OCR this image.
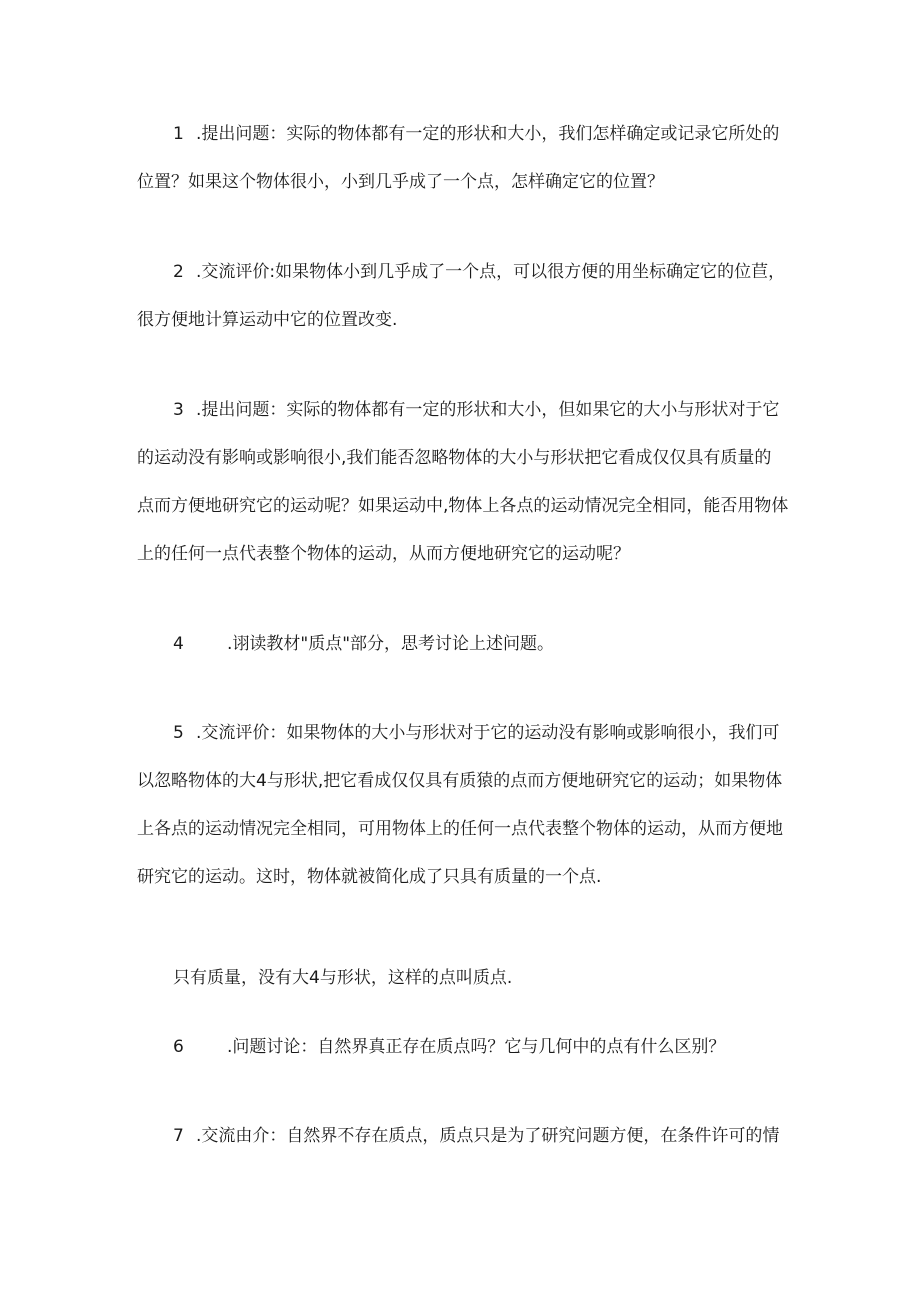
1 .提出问题：实际的物体都有一定的形状和大小，我们怎样确定或记录它所处的
位置？如果这个物体很小，小到几乎成了一个点，怎样确定它的位置？
2 .交流评价:如果物体小到几乎成了一个点，可以很方便的用坐标确定它的位苣，
很方便地计算运动中它的位置改变.
3 .提出问题：实际的物体都有一定的形状和大小，但如果它的大小与形状对于它
的运动没有影响或影响很小,我们能否忽略物体的大小与形状把它看成仅仅具有质量的
点而方便地研究它的运动呢？如果运动中,物体上各点的运动情况完全相同，能否用物体
上的任何一点代表整个物体的运动，从而方便地研究它的运动呢？
4	.诩读教材"质点"部分，思考讨论上述问题。
5 .交流评价：如果物体的大小与形状对于它的运动没有影响或影响很小，我们可
以忽略物体的大4与形状,把它看成仅仅具有质猿的点而方便地研究它的运动；如果物体
上各点的运动情况完全相同，可用物体上的任何一点代表整个物体的运动，从而方便地
研究它的运动。这时，物体就被简化成了只具有质量的一个点.
只有质量，没有大4与形状，这样的点叫质点.
6	.问题讨论：自然界真正存在质点吗？它与几何中的点有什么区别？
7 .交流由介：自然界不存在质点，质点只是为了研究问题方便，在条件许可的情
